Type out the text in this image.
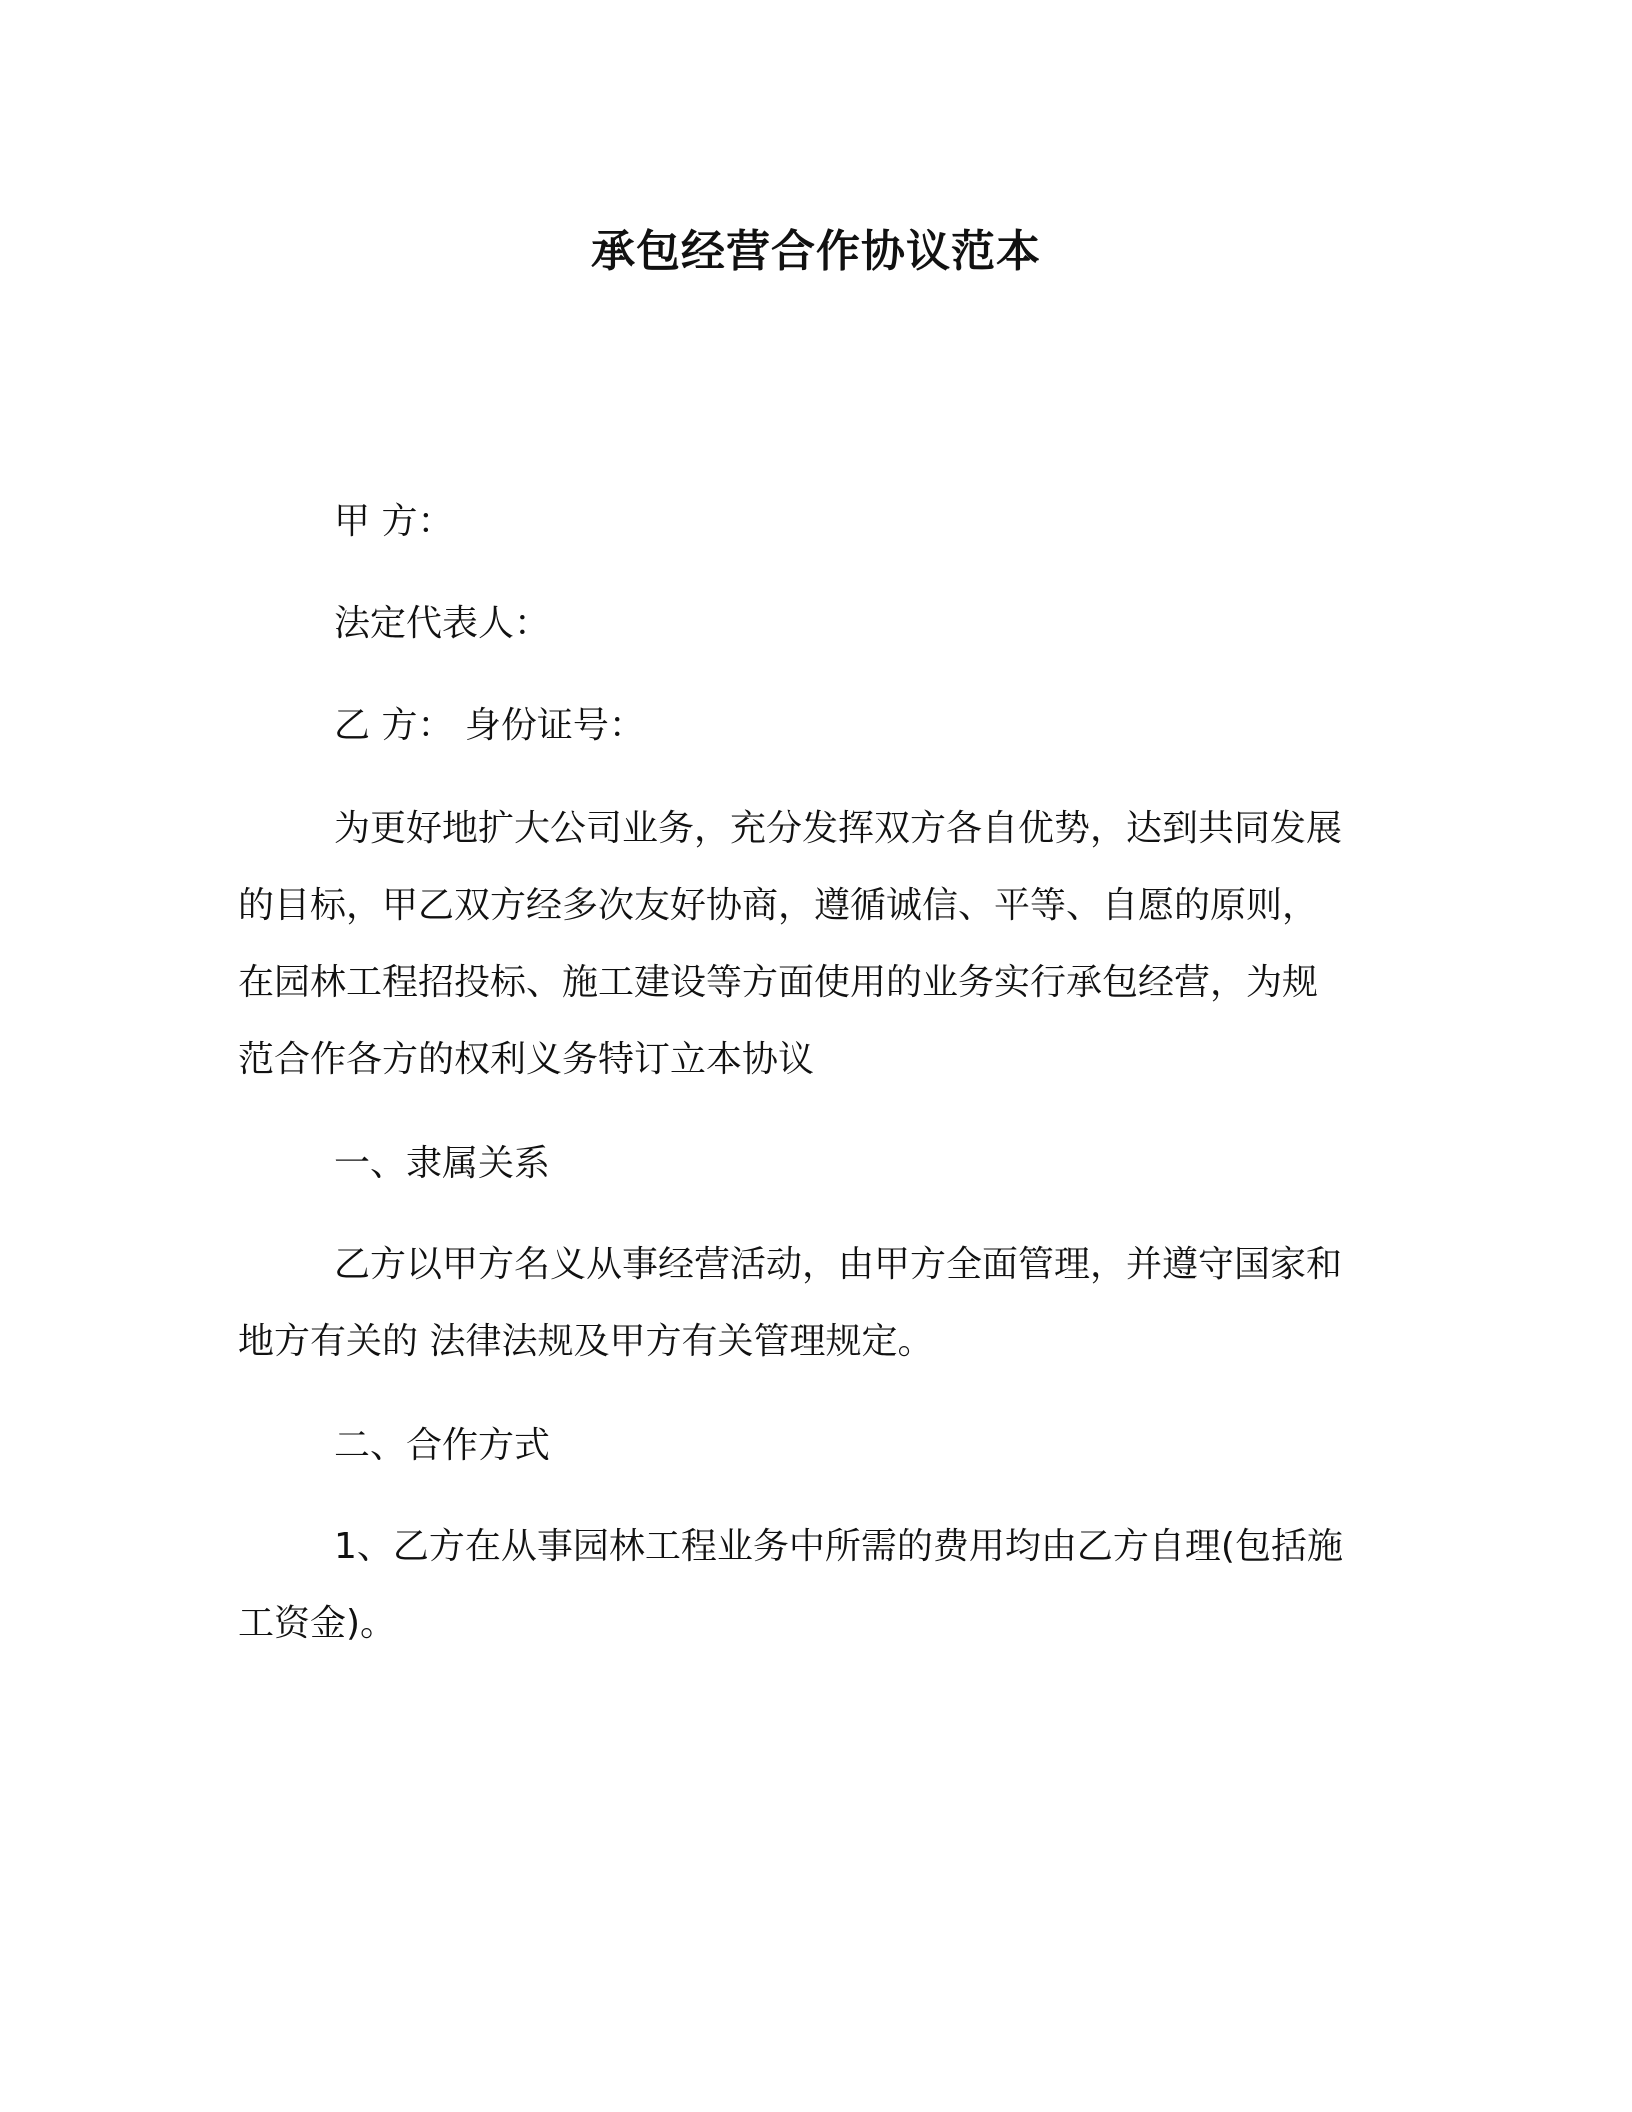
承包经营合作协议范本
甲 方：
法定代表人：
乙 方： 身份证号：
为更好地扩大公司业务，充分发挥双方各自优势，达到共同发展
的目标，甲乙双方经多次友好协商，遵循诚信、平等、自愿的原则，
在园林工程招投标、施工建设等方面使用的业务实行承包经营，为规
范合作各方的权利义务特订立本协议
一、隶属关系
乙方以甲方名义从事经营活动，由甲方全面管理，并遵守国家和
地方有关的 法律法规及甲方有关管理规定。
二、合作方式
1、乙方在从事园林工程业务中所需的费用均由乙方自理(包括施
工资金)。
